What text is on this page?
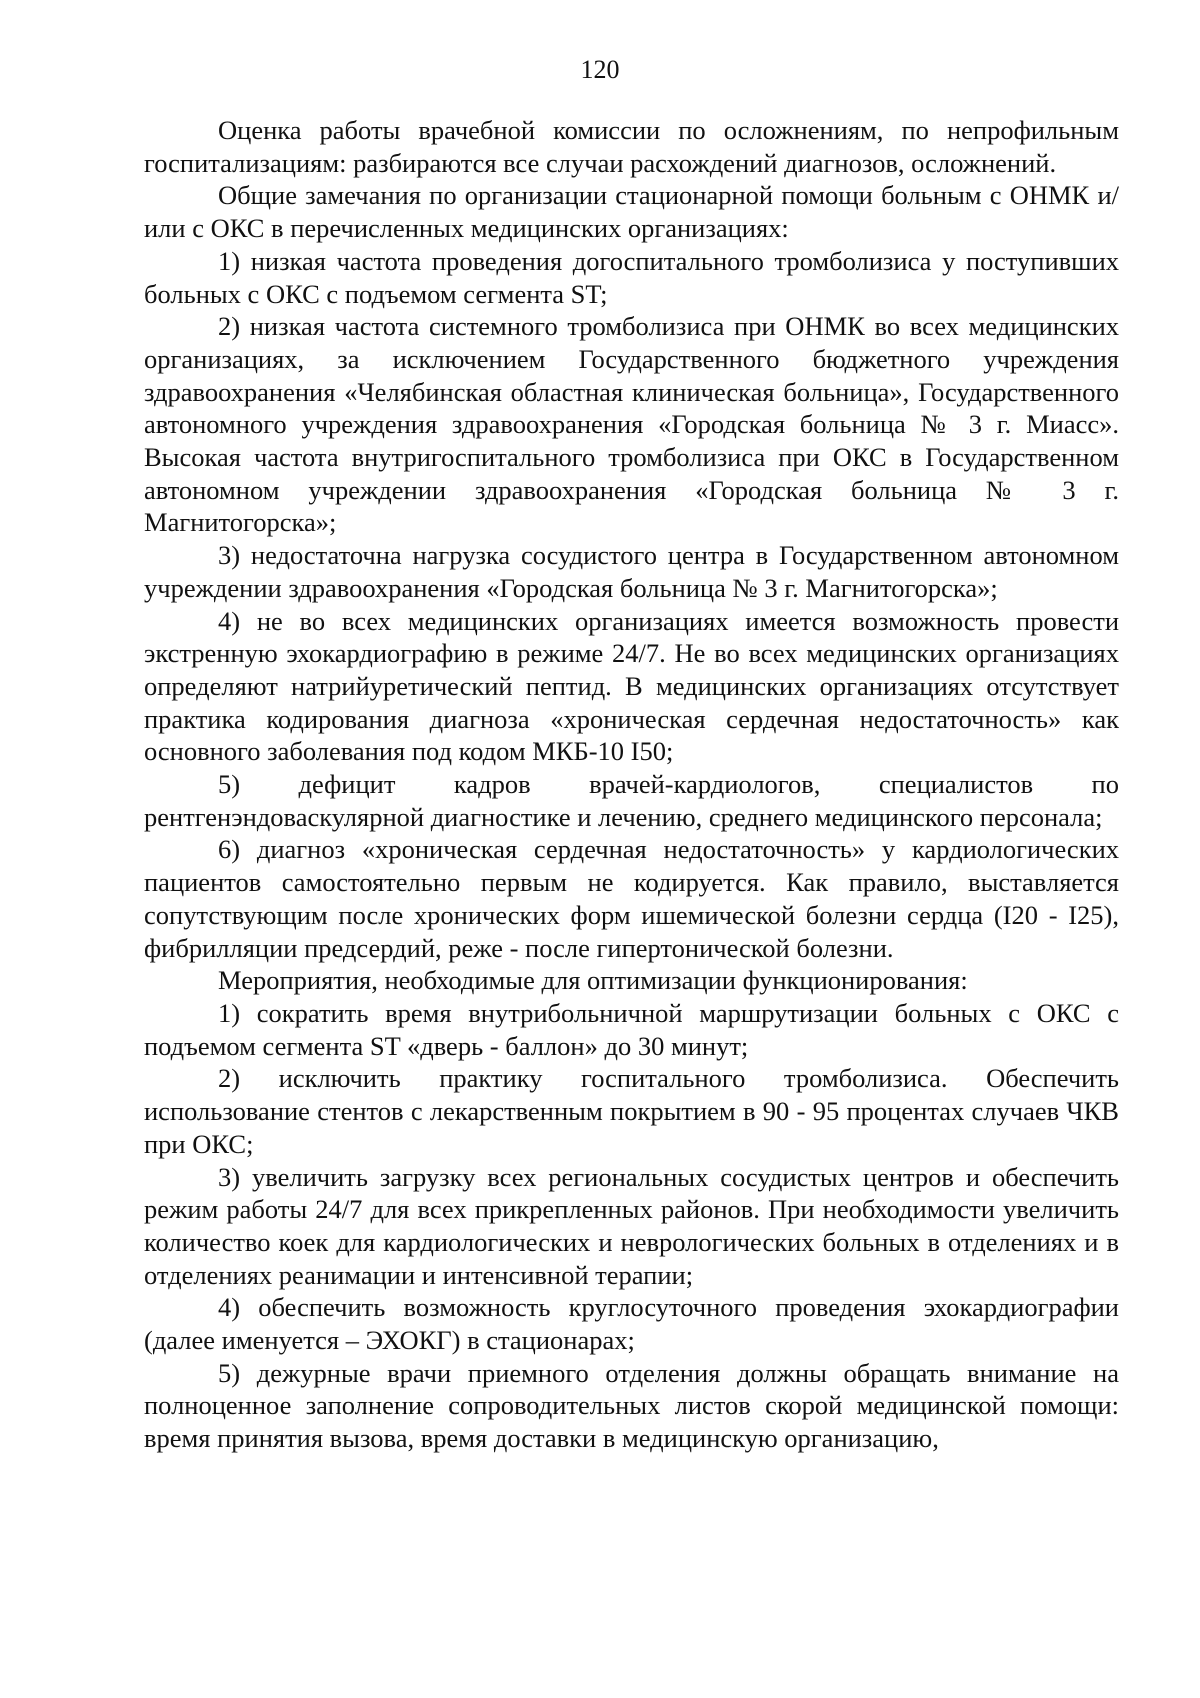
120

Оценка работы врачебной комиссии по осложнениям, по непрофильным госпитализациям: разбираются все случаи расхождений диагнозов, осложнений.

Общие замечания по организации стационарной помощи больным с ОНМК и/или с ОКС в перечисленных медицинских организациях:

1) низкая частота проведения догоспитального тромболизиса у поступивших больных с ОКС с подъемом сегмента ST;

2) низкая частота системного тромболизиса при ОНМК во всех медицинских организациях, за исключением Государственного бюджетного учреждения здравоохранения «Челябинская областная клиническая больница», Государственного автономного учреждения здравоохранения «Городская больница № 3 г. Миасс». Высокая частота внутригоспитального тромболизиса при ОКС в Государственном автономном учреждении здравоохранения «Городская больница № 3 г. Магнитогорска»;

3) недостаточна нагрузка сосудистого центра в Государственном автономном учреждении здравоохранения «Городская больница № 3 г. Магнитогорска»;

4) не во всех медицинских организациях имеется возможность провести экстренную эхокардиографию в режиме 24/7. Не во всех медицинских организациях определяют натрийуретический пептид. В медицинских организациях отсутствует практика кодирования диагноза «хроническая сердечная недостаточность» как основного заболевания под кодом МКБ-10 I50;

5) дефицит кадров врачей-кардиологов, специалистов по рентгенэндоваскулярной диагностике и лечению, среднего медицинского персонала;

6) диагноз «хроническая сердечная недостаточность» у кардиологических пациентов самостоятельно первым не кодируется. Как правило, выставляется сопутствующим после хронических форм ишемической болезни сердца (I20 - I25), фибрилляции предсердий, реже - после гипертонической болезни.

Мероприятия, необходимые для оптимизации функционирования:

1) сократить время внутрибольничной маршрутизации больных с ОКС с подъемом сегмента ST «дверь - баллон» до 30 минут;

2) исключить практику госпитального тромболизиса. Обеспечить использование стентов с лекарственным покрытием в 90 - 95 процентах случаев ЧКВ при ОКС;

3) увеличить загрузку всех региональных сосудистых центров и обеспечить режим работы 24/7 для всех прикрепленных районов. При необходимости увеличить количество коек для кардиологических и неврологических больных в отделениях и в отделениях реанимации и интенсивной терапии;

4) обеспечить возможность круглосуточного проведения эхокардиографии (далее именуется – ЭХОКГ) в стационарах;

5) дежурные врачи приемного отделения должны обращать внимание на полноценное заполнение сопроводительных листов скорой медицинской помощи: время принятия вызова, время доставки в медицинскую организацию,
